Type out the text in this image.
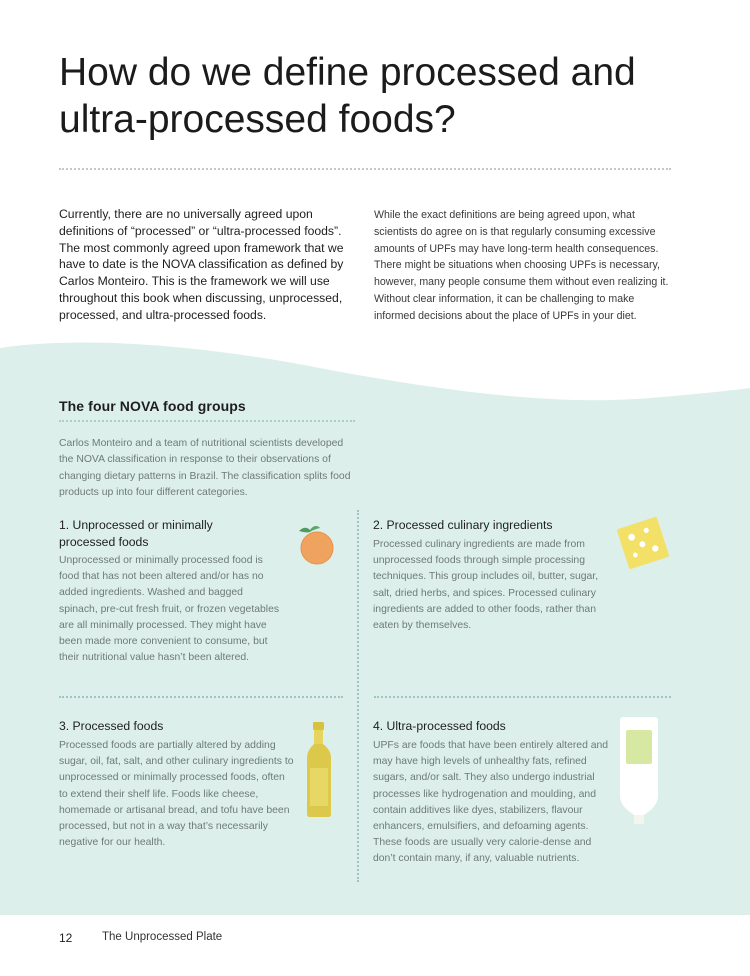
How do we define processed and ultra-processed foods?

Currently, there are no universally agreed upon definitions of “processed” or “ultra-processed foods”. The most commonly agreed upon framework that we have to date is the NOVA classification as defined by Carlos Monteiro. This is the framework we will use throughout this book when discussing, unprocessed, processed, and ultra-processed foods.

While the exact definitions are being agreed upon, what scientists do agree on is that regularly consuming excessive amounts of UPFs may have long-term health consequences. There might be situations when choosing UPFs is necessary, however, many people consume them without even realizing it. Without clear information, it can be challenging to make informed decisions about the place of UPFs in your diet.

The four NOVA food groups

Carlos Monteiro and a team of nutritional scientists developed the NOVA classification in response to their observations of changing dietary patterns in Brazil. The classification splits food products up into four different categories.

1. Unprocessed or minimally    processed foods

Unprocessed or minimally processed food is food that has not been altered and/or has no added ingredients. Washed and bagged spinach, pre-cut fresh fruit, or frozen vegetables are all minimally processed. They might have been made more convenient to consume, but their nutritional value hasn’t been altered.

2. Processed culinary ingredients

Processed culinary ingredients are made from unprocessed foods through simple processing techniques. This group includes oil, butter, sugar, salt, dried herbs, and spices. Processed culinary ingredients are added to other foods, rather than eaten by themselves.

3. Processed foods

Processed foods are partially altered by adding sugar, oil, fat, salt, and other culinary ingredients to unprocessed or minimally processed foods, often to extend their shelf life. Foods like cheese, homemade or artisanal bread, and tofu have been processed, but not in a way that’s necessarily negative for our health.

4. Ultra-processed foods

UPFs are foods that have been entirely altered and may have high levels of unhealthy fats, refined sugars, and/or salt. They also undergo industrial processes like hydrogenation and moulding, and contain additives like dyes, stabilizers, flavour enhancers, emulsifiers, and defoaming agents. These foods are usually very calorie-dense and don’t contain many, if any, valuable nutrients.

12	The Unprocessed Plate
